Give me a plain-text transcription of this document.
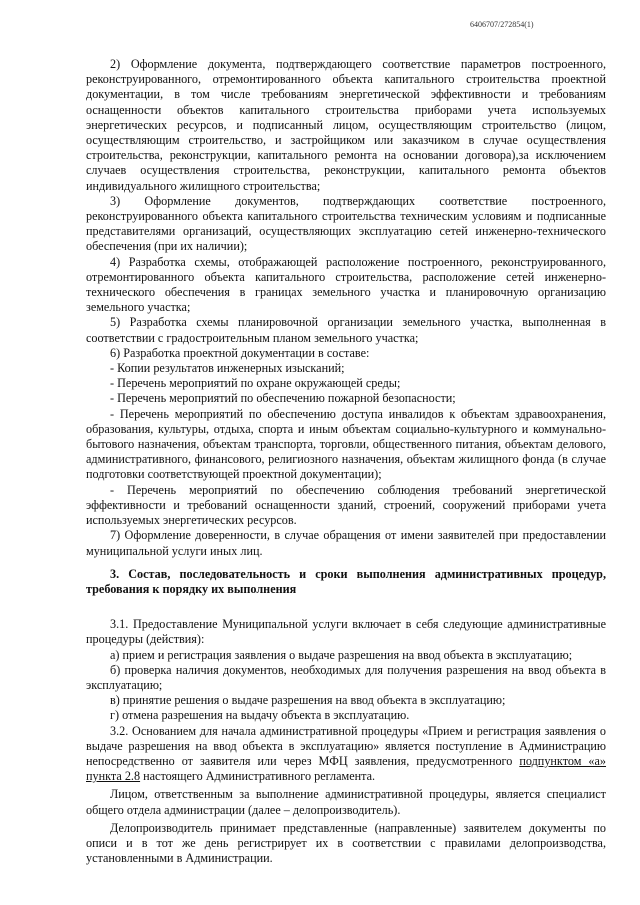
6406707/272854(1)

2) Оформление документа, подтверждающего соответствие параметров построенного, реконструированного, отремонтированного объекта капитального строительства проектной документации, в том числе требованиям энергетической эффективности и требованиям оснащенности объектов капитального строительства приборами учета используемых энергетических ресурсов, и подписанный лицом, осуществляющим строительство (лицом, осуществляющим строительство, и застройщиком или заказчиком в случае осуществления строительства, реконструкции, капитального ремонта на основании договора),за исключением случаев осуществления строительства, реконструкции, капитального ремонта объектов индивидуального жилищного строительства;

3) Оформление документов, подтверждающих соответствие построенного, реконструированного объекта капитального строительства техническим условиям и подписанные представителями организаций, осуществляющих эксплуатацию сетей инженерно-технического обеспечения (при их наличии);

4) Разработка схемы, отображающей расположение построенного, реконструированного, отремонтированного объекта капитального строительства, расположение сетей инженерно-технического обеспечения в границах земельного участка и планировочную организацию земельного участка;

5) Разработка схемы планировочной организации земельного участка, выполненная в соответствии с градостроительным планом земельного участка;

6) Разработка проектной документации в составе:

- Копии результатов инженерных изысканий;

- Перечень мероприятий по охране окружающей среды;

- Перечень мероприятий по обеспечению пожарной безопасности;

- Перечень мероприятий по обеспечению доступа инвалидов к объектам здравоохранения, образования, культуры, отдыха, спорта и иным объектам социально-культурного и коммунально-бытового назначения, объектам транспорта, торговли, общественного питания, объектам делового, административного, финансового, религиозного назначения, объектам жилищного фонда (в случае подготовки соответствующей проектной документации);

- Перечень мероприятий по обеспечению соблюдения требований энергетической эффективности и требований оснащенности зданий, строений, сооружений приборами учета используемых энергетических ресурсов.

7) Оформление доверенности, в случае обращения от имени заявителей при предоставлении муниципальной услуги иных лиц.

3. Состав, последовательность и сроки выполнения административных процедур, требования к порядку их выполнения

3.1. Предоставление Муниципальной услуги включает в себя следующие административные процедуры (действия):

а) прием и регистрация заявления о выдаче разрешения на ввод объекта в эксплуатацию;

б) проверка наличия документов, необходимых для получения разрешения на ввод объекта в эксплуатацию;

в) принятие решения о выдаче разрешения на ввод объекта в эксплуатацию;

г) отмена разрешения на выдачу объекта в эксплуатацию.

3.2. Основанием для начала административной процедуры «Прием и регистрация заявления о выдаче разрешения на ввод объекта в эксплуатацию» является поступление в Администрацию непосредственно от заявителя или через МФЦ заявления, предусмотренного подпунктом «а» пункта 2.8 настоящего Административного регламента.

Лицом, ответственным за выполнение административной процедуры, является специалист общего отдела администрации (далее – делопроизводитель).

Делопроизводитель принимает представленные (направленные) заявителем документы по описи и в тот же день регистрирует их в соответствии с правилами делопроизводства, установленными в Администрации.
